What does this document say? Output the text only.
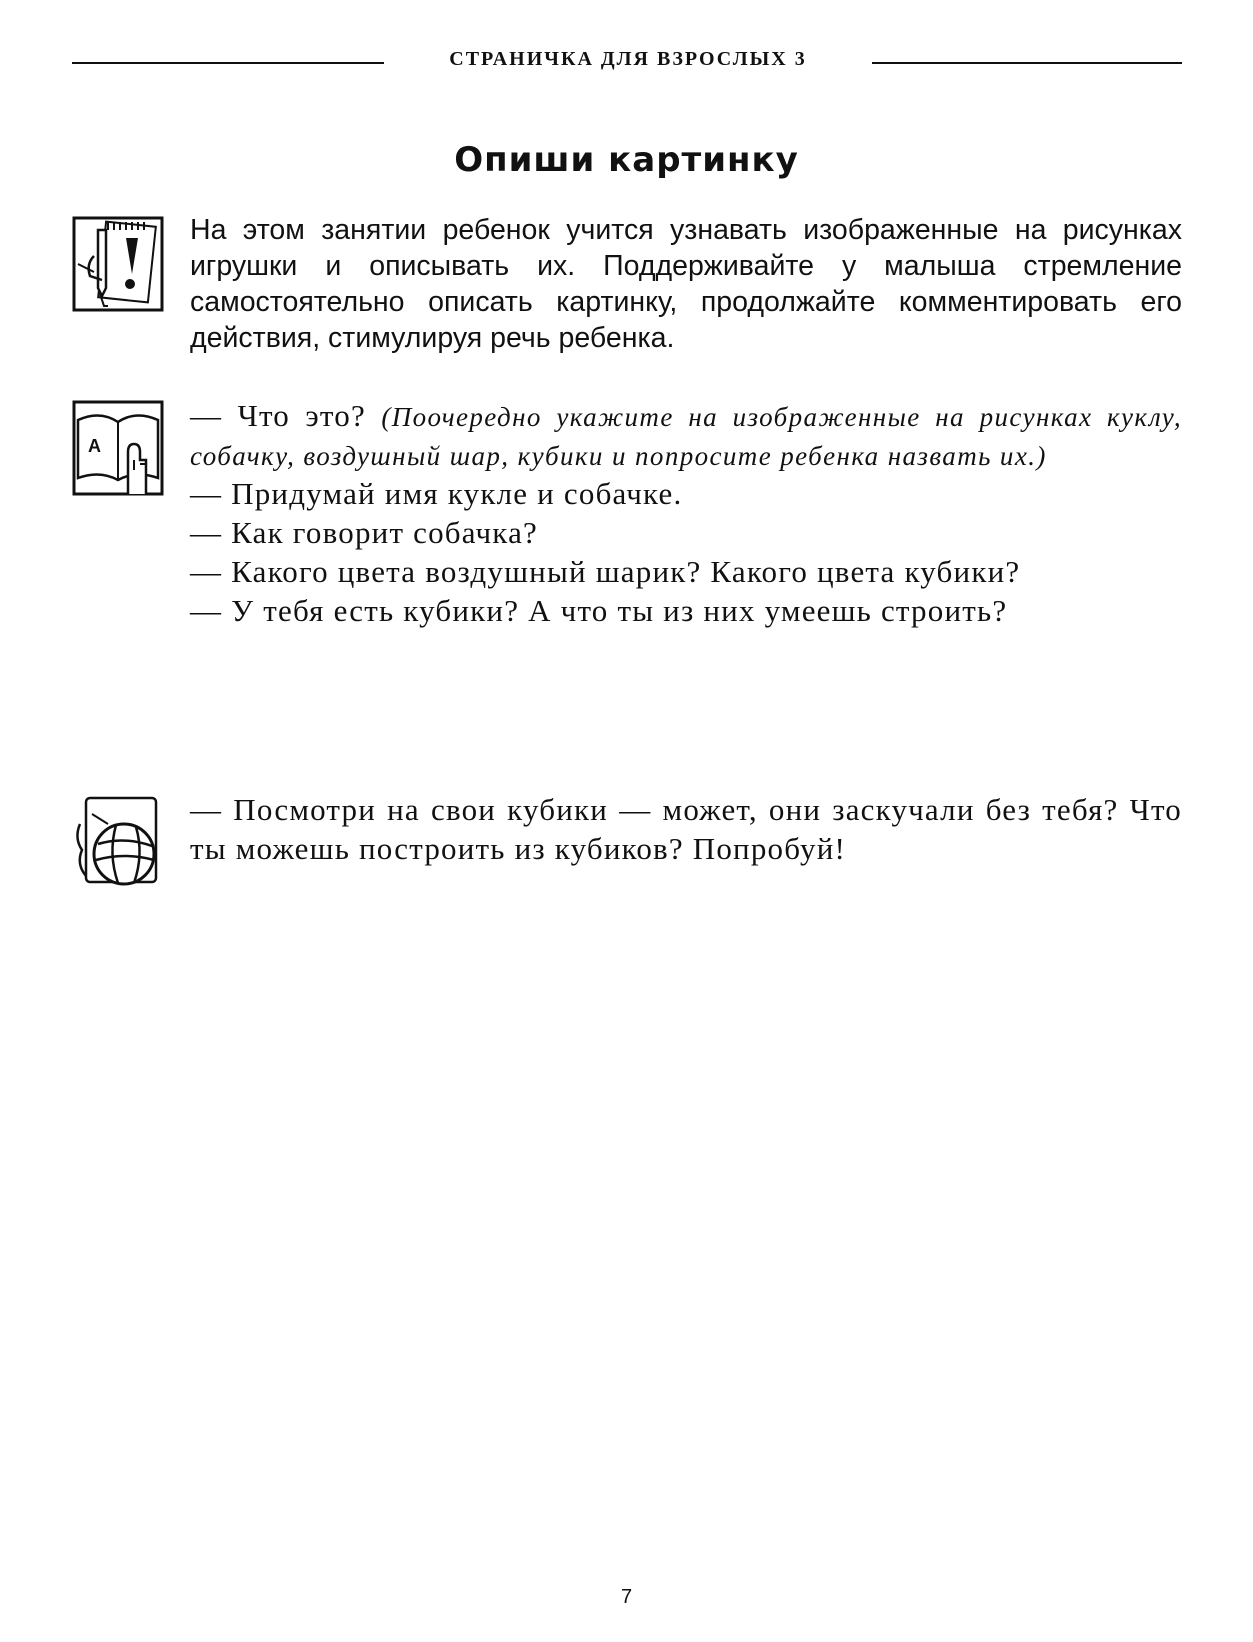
СТРАНИЧКА ДЛЯ ВЗРОСЛЫХ 3
Опиши картинку
На этом занятии ребенок учится узнавать изображенные на рисунках игрушки и описывать их. Поддерживайте у малыша стремление самостоятельно описать картинку, продолжайте комментировать его действия, стимулируя речь ребенка.
A

— Что это? (Поочередно укажите на изображенные на рисунках куклу, собачку, воздушный шар, кубики и попросите ребенка назвать их.)

— Придумай имя кукле и собачке.

— Как говорит собачка?

— Какого цвета воздушный шарик? Какого цвета кубики?

— У тебя есть кубики? А что ты из них умеешь строить?

— Посмотри на свои кубики — может, они заскучали без тебя? Что ты можешь построить из кубиков? Попробуй!
7
